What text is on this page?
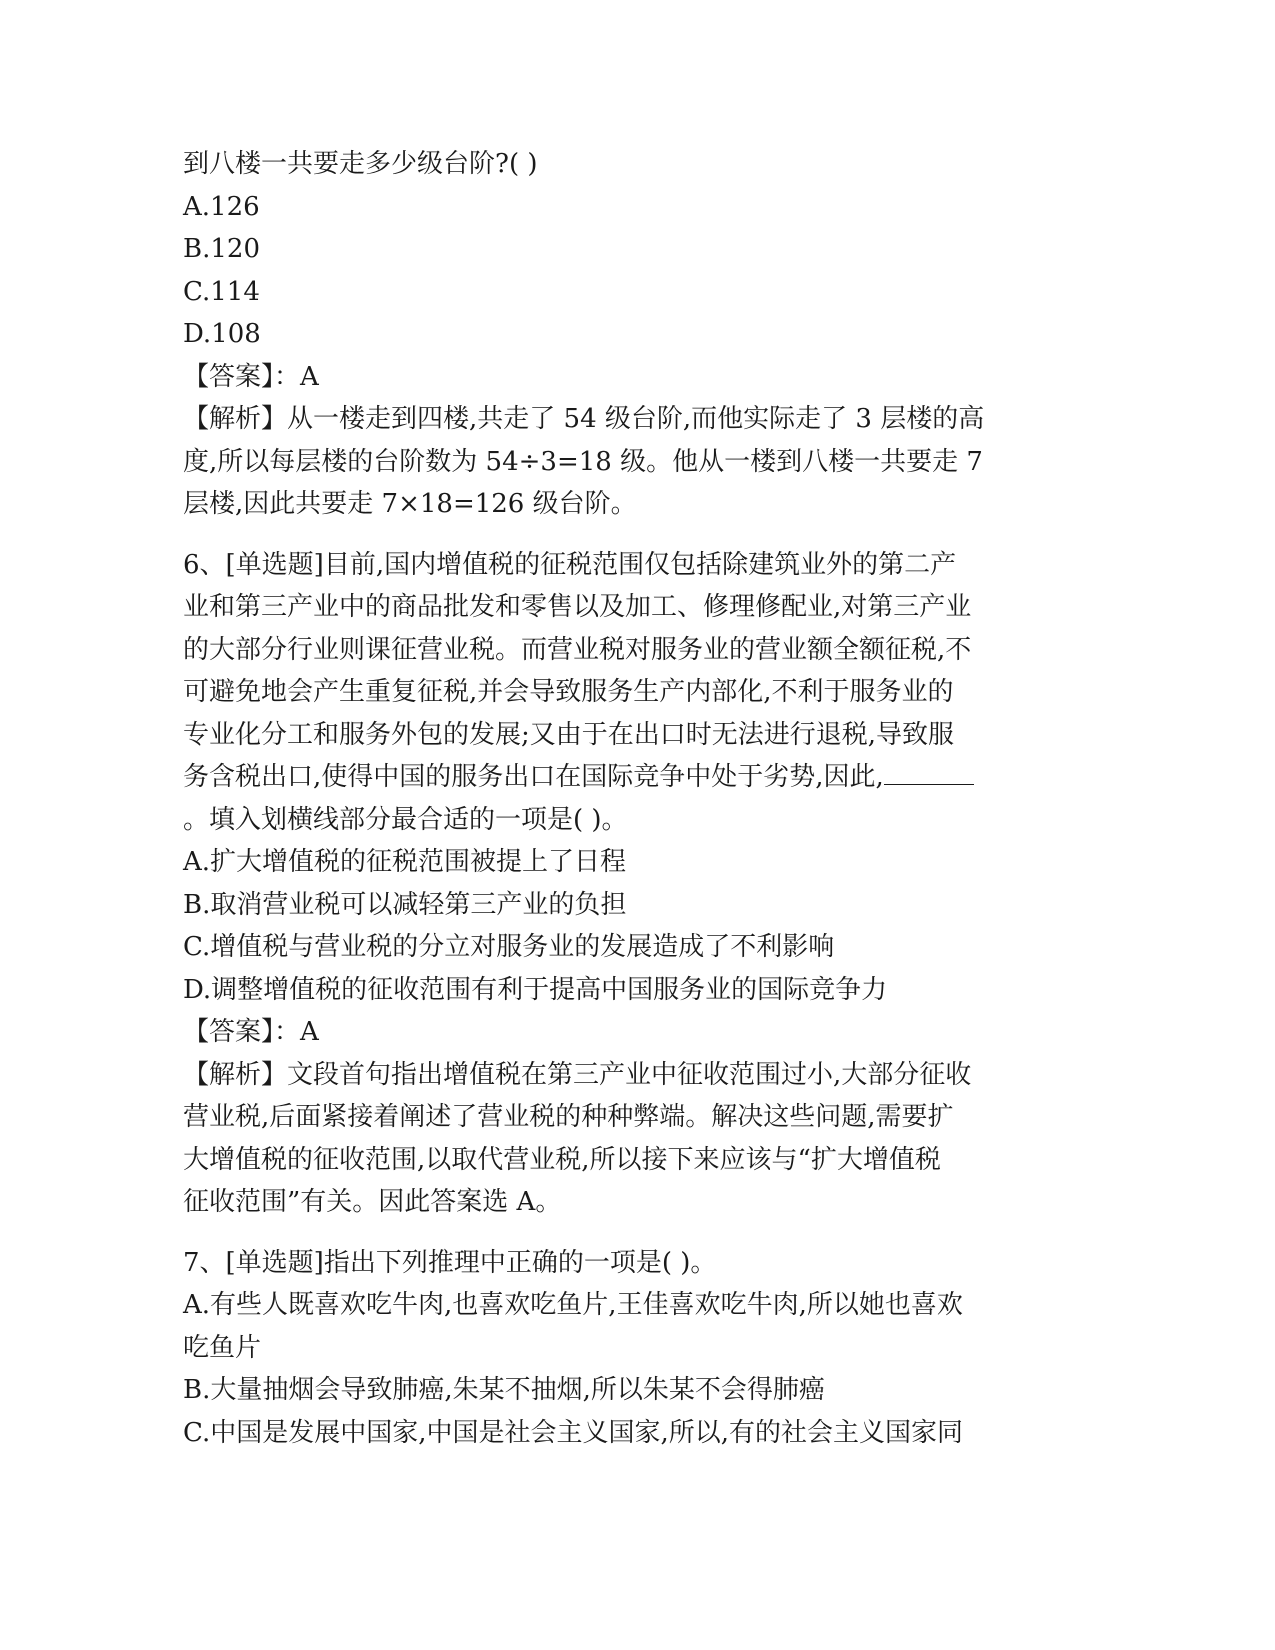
到八楼一共要走多少级台阶?( )
A.126
B.120
C.114
D.108
【答案】：A
【解析】从一楼走到四楼,共走了 54 级台阶,而他实际走了 3 层楼的高
度,所以每层楼的台阶数为 54÷3=18 级。他从一楼到八楼一共要走 7
层楼,因此共要走 7×18=126 级台阶。
6、[单选题]目前,国内增值税的征税范围仅包括除建筑业外的第二产
业和第三产业中的商品批发和零售以及加工、修理修配业,对第三产业
的大部分行业则课征营业税。而营业税对服务业的营业额全额征税,不
可避免地会产生重复征税,并会导致服务生产内部化,不利于服务业的
专业化分工和服务外包的发展;又由于在出口时无法进行退税,导致服
务含税出口,使得中国的服务出口在国际竞争中处于劣势,因此,
。填入划横线部分最合适的一项是( )。
A.扩大增值税的征税范围被提上了日程
B.取消营业税可以减轻第三产业的负担
C.增值税与营业税的分立对服务业的发展造成了不利影响
D.调整增值税的征收范围有利于提高中国服务业的国际竞争力
【答案】：A
【解析】文段首句指出增值税在第三产业中征收范围过小,大部分征收
营业税,后面紧接着阐述了营业税的种种弊端。解决这些问题,需要扩
大增值税的征收范围,以取代营业税,所以接下来应该与“扩大增值税
征收范围”有关。因此答案选 A。
7、[单选题]指出下列推理中正确的一项是( )。
A.有些人既喜欢吃牛肉,也喜欢吃鱼片,王佳喜欢吃牛肉,所以她也喜欢
吃鱼片
B.大量抽烟会导致肺癌,朱某不抽烟,所以朱某不会得肺癌
C.中国是发展中国家,中国是社会主义国家,所以,有的社会主义国家同
